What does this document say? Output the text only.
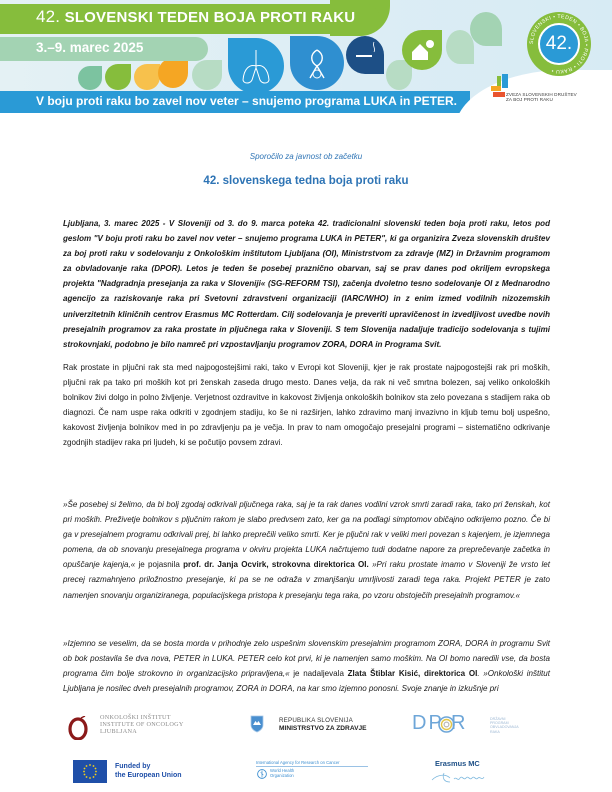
42. SLOVENSKI TEDEN BOJA PROTI RAKU
3.–9. marec 2025
V boju proti raku bo zavel nov veter – snujemo programa LUKA in PETER.
SLOVENSKI • TEDEN • BOJA • PROTI • RAKU •
42.
ZVEZA SLOVENSKIH DRUŠTEV
ZA BOJ PROTI RAKU
Sporočilo za javnost ob začetku
42. slovenskega tedna boja proti raku

Ljubljana, 3. marec 2025 - V Sloveniji od 3. do 9. marca poteka 42. tradicionalni slovenski teden boja proti raku, letos pod geslom "V boju proti raku bo zavel nov veter – snujemo programa LUKA in PETER", ki ga organizira Zveza slovenskih društev za boj proti raku v sodelovanju z Onkološkim inštitutom Ljubljana (OI), Ministrstvom za zdravje (MZ) in Državnim programom za obvladovanje raka (DPOR). Letos je teden še posebej praznično obarvan, saj se prav danes pod okriljem evropskega projekta "Nadgradnja presejanja za raka v Sloveniji« (SG-REFORM TSI), začenja dvoletno tesno sodelovanje OI z Mednarodno agencijo za raziskovanje raka pri Svetovni zdravstveni organizaciji (IARC/WHO) in z enim izmed vodilnih nizozemskih univerzitetnih kliničnih centrov Erasmus MC Rotterdam. Cilj sodelovanja je preveriti upravičenost in izvedljivost uvedbe novih presejalnih programov za raka prostate in pljučnega raka v Sloveniji. S tem Slovenija nadaljuje tradicijo sodelovanja s tujimi strokovnjaki, podobno je bilo namreč pri vzpostavljanju programov ZORA, DORA in Programa Svit.

Rak prostate in pljučni rak sta med najpogostejšimi raki, tako v Evropi kot Sloveniji, kjer je rak prostate najpogostejši rak pri moških, pljučni rak pa tako pri moških kot pri ženskah zaseda drugo mesto. Danes velja, da rak ni več smrtna bolezen, saj veliko onkoloških bolnikov živi dolgo in polno življenje. Verjetnost ozdravitve in kakovost življenja onkoloških bolnikov sta zelo povezana s stadijem raka ob diagnozi. Če nam uspe raka odkriti v zgodnjem stadiju, ko še ni razširjen, lahko zdravimo manj invazivno in kljub temu bolj uspešno, kakovost življenja bolnikov med in po zdravljenju pa je večja. In prav to nam omogočajo presejalni programi – sistematično odkrivanje zgodnjih stadijev raka pri ljudeh, ki se počutijo povsem zdravi.

»Še posebej si želimo, da bi bolj zgodaj odkrivali pljučnega raka, saj je ta rak danes vodilni vzrok smrti zaradi raka, tako pri ženskah, kot pri moških. Preživetje bolnikov s pljučnim rakom je slabo predvsem zato, ker ga na podlagi simptomov običajno odkrijemo pozno. Če bi ga v presejalnem programu odkrivali prej, bi lahko preprečili veliko smrti. Ker je pljučni rak v veliki meri povezan s kajenjem, je izjemnega pomena, da ob snovanju presejalnega programa v okviru projekta LUKA načrtujemo tudi dodatne napore za preprečevanje začetka in opuščanje kajenja,« je pojasnila prof. dr. Janja Ocvirk, strokovna direktorica OI. »Pri raku prostate imamo v Sloveniji že vrsto let precej razmahnjeno priložnostno presejanje, ki pa se ne odraža v zmanjšanju umrljivosti zaradi tega raka. Projekt PETER je zato namenjen snovanju organiziranega, populacijskega pristopa k presejanju tega raka, po vzoru obstoječih presejalnih programov.«

»Izjemno se veselim, da se bosta morda v prihodnje zelo uspešnim slovenskim presejalnim programom ZORA, DORA in programu Svit ob bok postavila še dva nova, PETER in LUKA. PETER celo kot prvi, ki je namenjen samo moškim. Na OI bomo naredili vse, da bosta programa čim bolje strokovno in organizacijsko pripravljena,« je nadaljevala Zlata Štiblar Kisić, direktorica OI. »Onkološki inštitut Ljubljana je nosilec dveh presejalnih programov, ZORA in DORA, na kar smo izjemno ponosni. Svoje znanje in izkušnje pri

ONKOLOŠKI INŠTITUT
INSTITUTE OF ONCOLOGY
LJUBLJANA
REPUBLIKA SLOVENIJA
MINISTRSTVO ZA ZDRAVJE DP R	DRŽAVNI
PROGRAM
OBVLADOVANJA
RAKA
Funded by
the European Union
International Agency for Research on Cancer
World Health
Organization
Erasmus MC
